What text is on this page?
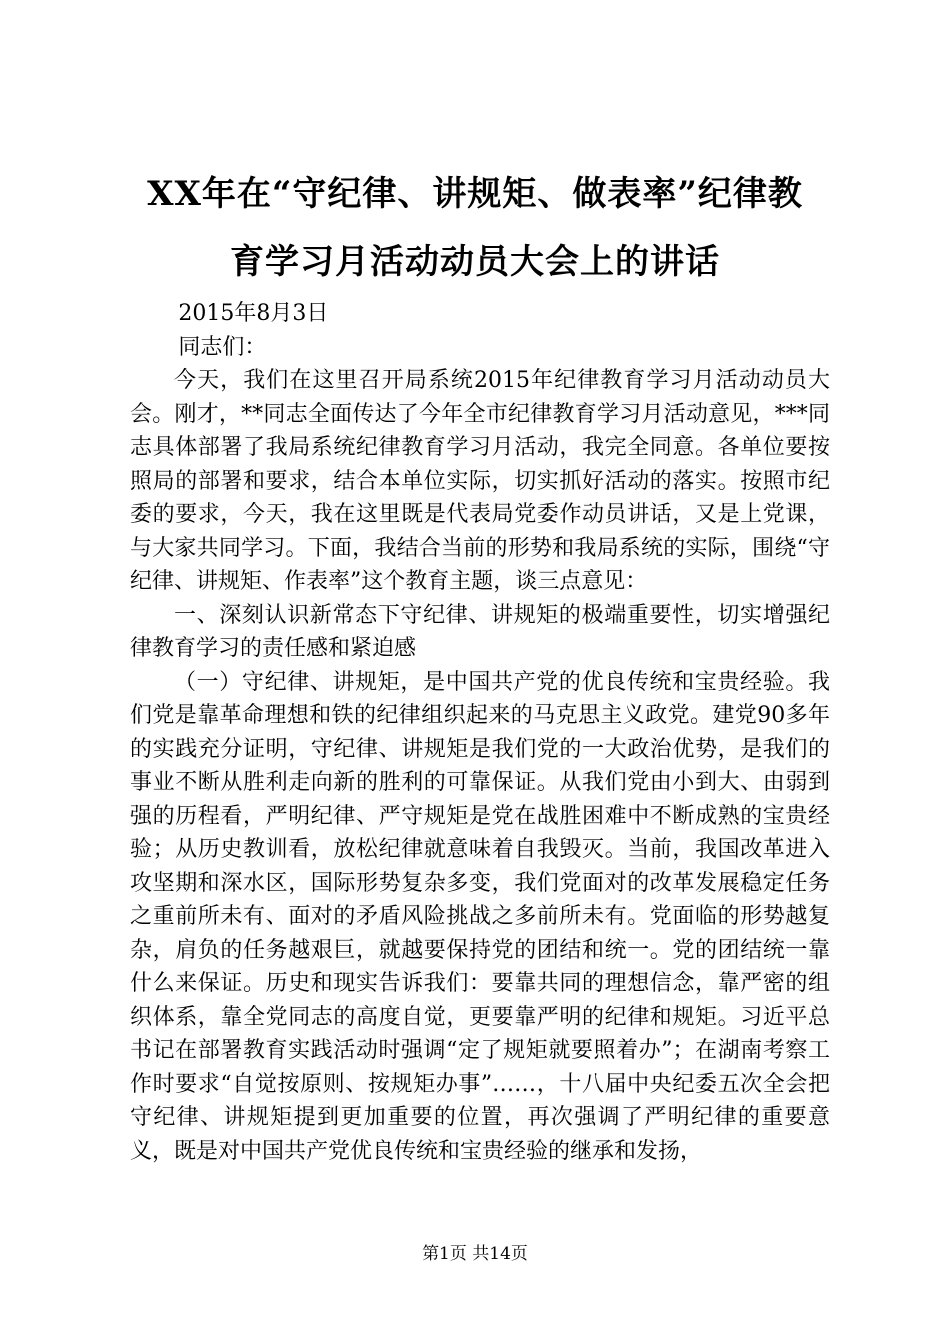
XX年在“守纪律、讲规矩、做表率”纪律教
育学习月活动动员大会上的讲话

2015年8月3日

同志们：

今天，我们在这里召开局系统2015年纪律教育学习月活动动员大会。刚才，**同志全面传达了今年全市纪律教育学习月活动意见，***同志具体部署了我局系统纪律教育学习月活动，我完全同意。各单位要按照局的部署和要求，结合本单位实际，切实抓好活动的落实。按照市纪委的要求，今天，我在这里既是代表局党委作动员讲话，又是上党课，与大家共同学习。下面，我结合当前的形势和我局系统的实际，围绕“守纪律、讲规矩、作表率”这个教育主题，谈三点意见：

一、深刻认识新常态下守纪律、讲规矩的极端重要性，切实增强纪律教育学习的责任感和紧迫感

（一）守纪律、讲规矩，是中国共产党的优良传统和宝贵经验。我们党是靠革命理想和铁的纪律组织起来的马克思主义政党。建党90多年的实践充分证明，守纪律、讲规矩是我们党的一大政治优势，是我们的事业不断从胜利走向新的胜利的可靠保证。从我们党由小到大、由弱到强的历程看，严明纪律、严守规矩是党在战胜困难中不断成熟的宝贵经验；从历史教训看，放松纪律就意味着自我毁灭。当前，我国改革进入攻坚期和深水区，国际形势复杂多变，我们党面对的改革发展稳定任务之重前所未有、面对的矛盾风险挑战之多前所未有。党面临的形势越复杂，肩负的任务越艰巨，就越要保持党的团结和统一。党的团结统一靠什么来保证。历史和现实告诉我们：要靠共同的理想信念，靠严密的组织体系，靠全党同志的高度自觉，更要靠严明的纪律和规矩。习近平总书记在部署教育实践活动时强调“定了规矩就要照着办”；在湖南考察工作时要求“自觉按原则、按规矩办事”……，十八届中央纪委五次全会把守纪律、讲规矩提到更加重要的位置，再次强调了严明纪律的重要意义，既是对中国共产党优良传统和宝贵经验的继承和发扬，

第1页 共14页
